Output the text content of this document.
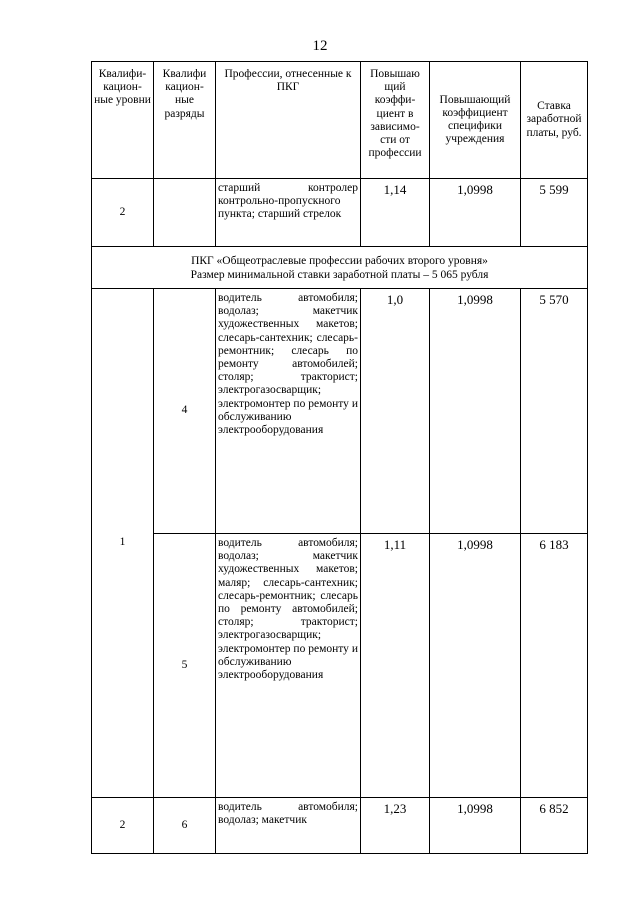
12
Квалифи-кацион-ные уровни	Квалифи кацион-ные разряды	Профессии, отнесенные к ПКГ	Повышаю щий коэффи-циент в зависимо-сти от профессии	Повышающий коэффициент специфики учреждения	Ставка заработной платы, руб.
2		старший контролер контрольно-пропускного пункта; старший стрелок	1,14	1,0998	5 599

ПКГ «Общеотраслевые профессии рабочих второго уровня»
Размер минимальной ставки заработной платы – 5 065 рубля					

1	4	водитель автомобиля; водолаз; макетчик художественных макетов; слесарь-сантехник; слесарь-ремонтник; слесарь по ремонту автомобилей; столяр; тракторист; электрогазосварщик; электромонтер по ремонту и обслуживанию электрооборудования	1,0	1,0998	5 570
	5	водитель автомобиля; водолаз; макетчик художественных макетов; маляр; слесарь-сантехник; слесарь-ремонтник; слесарь по ремонту автомобилей; столяр; тракторист; электрогазосварщик; электромонтер по ремонту и обслуживанию электрооборудования	1,11	1,0998	6 183
2	6	водитель автомобиля; водолаз; макетчик	1,23	1,0998	6 852
